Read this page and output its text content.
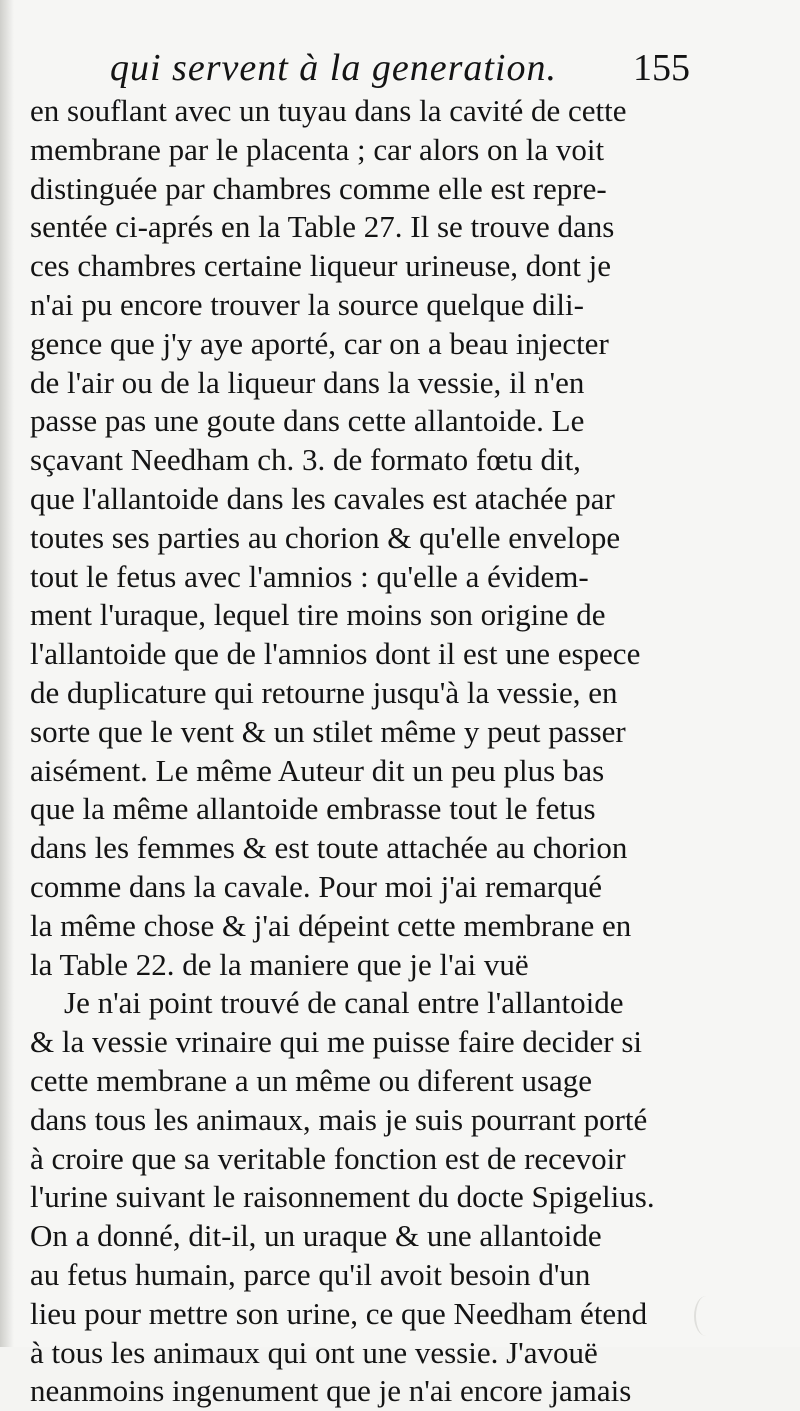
qui servent à la generation. 155
en souflant avec un tuyau dans la cavité de cette
membrane par le placenta ; car alors on la voit
distinguée par chambres comme elle est repre-
sentée ci-aprés en la Table 27. Il se trouve dans
ces chambres certaine liqueur urineuse, dont je
n'ai pu encore trouver la source quelque dili-
gence que j'y aye aporté, car on a beau injecter
de l'air ou de la liqueur dans la vessie, il n'en
passe pas une goute dans cette allantoide. Le
sçavant Needham ch. 3. de formato fœtu dit,
que l'allantoide dans les cavales est atachée par
toutes ses parties au chorion & qu'elle envelope
tout le fetus avec l'amnios : qu'elle a évidem-
ment l'uraque, lequel tire moins son origine de
l'allantoide que de l'amnios dont il est une espece
de duplicature qui retourne jusqu'à la vessie, en
sorte que le vent & un stilet même y peut passer
aisément. Le même Auteur dit un peu plus bas
que la même allantoide embrasse tout le fetus
dans les femmes & est toute attachée au chorion
comme dans la cavale. Pour moi j'ai remarqué
la même chose & j'ai dépeint cette membrane en
la Table 22. de la maniere que je l'ai vuë
Je n'ai point trouvé de canal entre l'allantoide
& la vessie vrinaire qui me puisse faire decider si
cette membrane a un même ou diferent usage
dans tous les animaux, mais je suis pourrant porté
à croire que sa veritable fonction est de recevoir
l'urine suivant le raisonnement du docte Spigelius.
On a donné, dit-il, un uraque & une allantoide
au fetus humain, parce qu'il avoit besoin d'un
lieu pour mettre son urine, ce que Needham étend
à tous les animaux qui ont une vessie. J'avouë
neanmoins ingenument que je n'ai encore jamais
